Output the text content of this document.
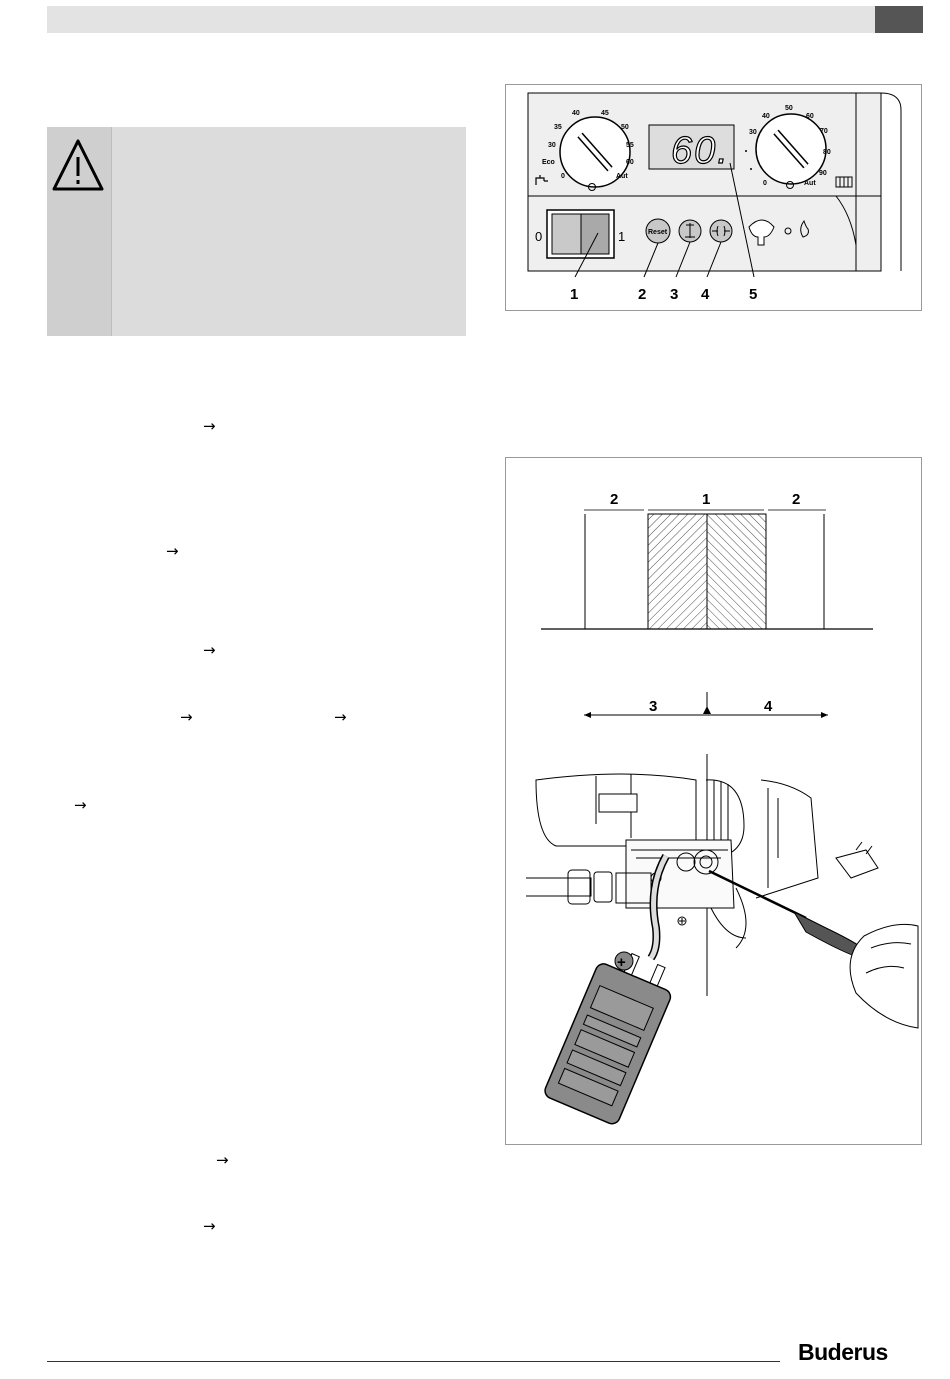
→
→
→
→	→
→
→
→
40	45
35	50
30	55
Eco	60
0	Aut
60.
50
40	60
30	70
80
90
0	Aut
0	1	Reset
1	2 3 4	5
2	1	2
3	4
+
Buderus
